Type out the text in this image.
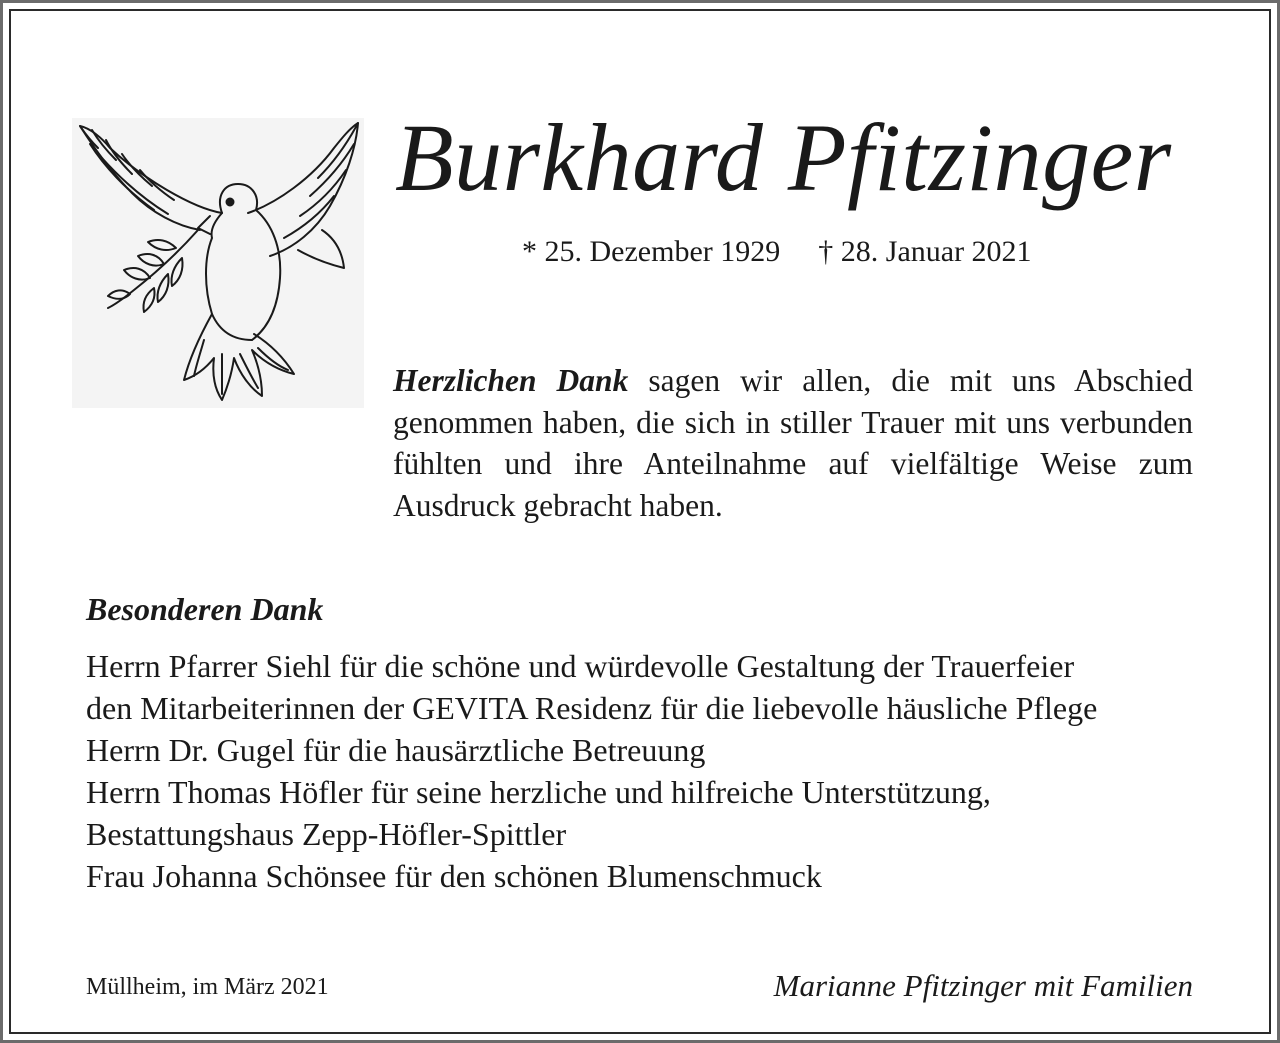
Burkhard Pfitzinger
* 25. Dezember 1929 † 28. Januar 2021

Herzlichen Dank sagen wir allen, die mit uns Abschied genommen haben, die sich in stiller Trauer mit uns verbunden fühlten und ihre Anteilnahme auf vielfältige Weise zum Ausdruck gebracht haben.

Besonderen Dank
Herrn Pfarrer Siehl für die schöne und würdevolle Gestaltung der Trauerfeier
den Mitarbeiterinnen der GEVITA Residenz für die liebevolle häusliche Pflege
Herrn Dr. Gugel für die hausärztliche Betreuung
Herrn Thomas Höfler für seine herzliche und hilfreiche Unterstützung,
Bestattungshaus Zepp-Höfler-Spittler
Frau Johanna Schönsee für den schönen Blumenschmuck
Müllheim, im März 2021	Marianne Pfitzinger mit Familien
